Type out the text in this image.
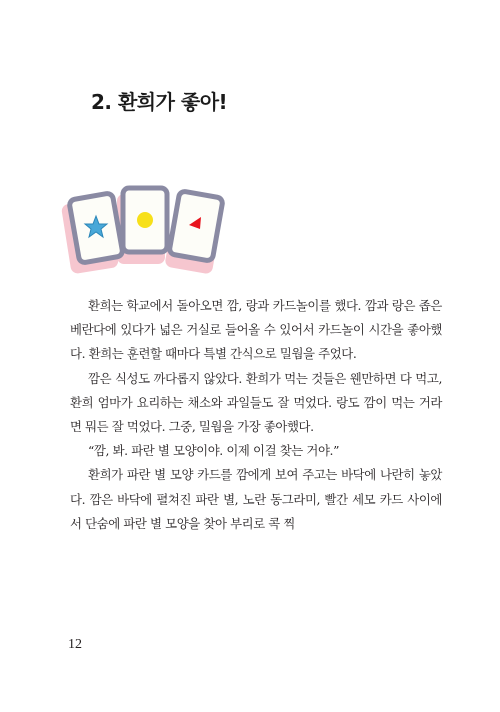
2. 환희가 좋아!

환희는 학교에서 돌아오면 깜, 랑과 카드놀이를 했다. 깜과 랑은 좁은 베란다에 있다가 넓은 거실로 들어올 수 있어서 카드놀이 시간을 좋아했다. 환희는 훈련할 때마다 특별 간식으로 밀웜을 주었다.

깜은 식성도 까다롭지 않았다. 환희가 먹는 것들은 웬만하면 다 먹고, 환희 엄마가 요리하는 채소와 과일들도 잘 먹었다. 랑도 깜이 먹는 거라면 뭐든 잘 먹었다. 그중, 밀웜을 가장 좋아했다.

“깜, 봐. 파란 별 모양이야. 이제 이걸 찾는 거야.”

환희가 파란 별 모양 카드를 깜에게 보여 주고는 바닥에 나란히 놓았다. 깜은 바닥에 펼쳐진 파란 별, 노란 동그라미, 빨간 세모 카드 사이에서 단숨에 파란 별 모양을 찾아 부리로 콕 찍

12
